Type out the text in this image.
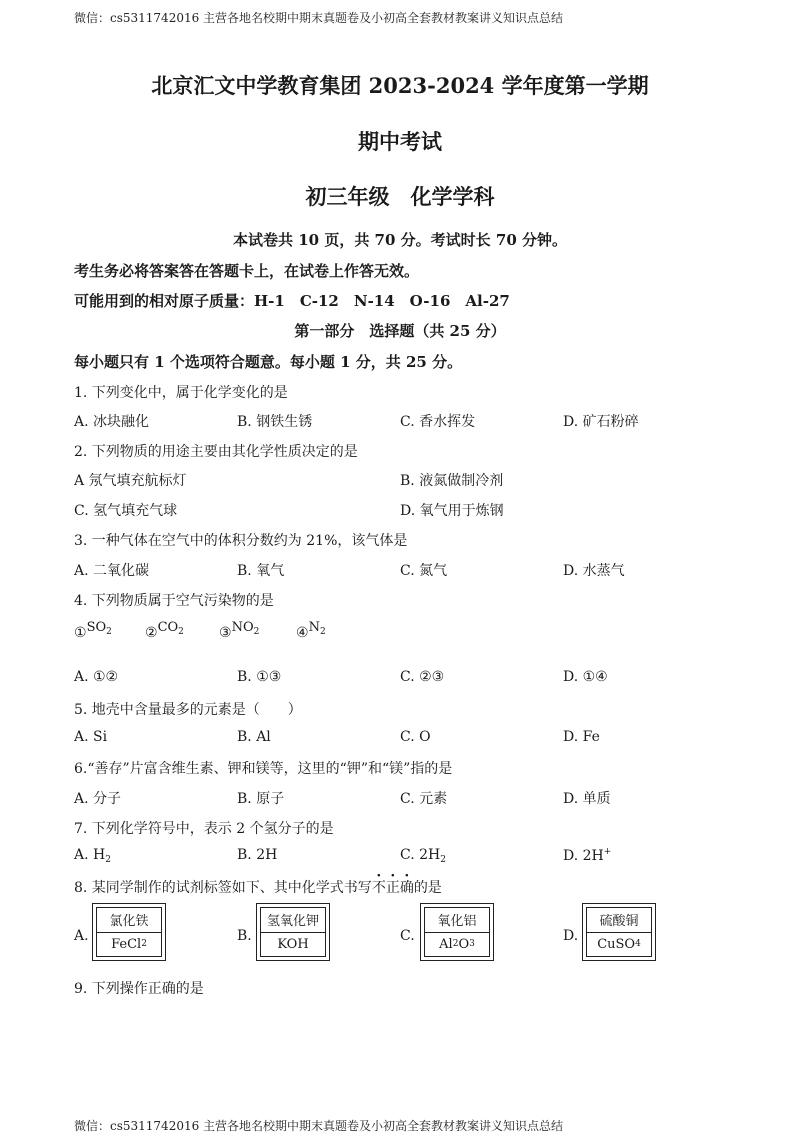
微信：cs5311742016 主营各地名校期中期末真题卷及小初高全套教材教案讲义知识点总结
北京汇文中学教育集团 2023-2024 学年度第一学期
期中考试
初三年级　化学学科
本试卷共 10 页，共 70 分。考试时长 70 分钟。
考生务必将答案答在答题卡上，在试卷上作答无效。
可能用到的相对原子质量：H-1　C-12　N-14　O-16　Al-27
第一部分　选择题（共 25 分）
每小题只有 1 个选项符合题意。每小题 1 分，共 25 分。
1. 下列变化中，属于化学变化的是
A. 冰块融化	B. 钢铁生锈	C. 香水挥发	D. 矿石粉碎
2. 下列物质的用途主要由其化学性质决定的是
A 氖气填充航标灯	B. 液氮做制冷剂
C. 氢气填充气球	D. 氧气用于炼钢
3. 一种气体在空气中的体积分数约为 21%，该气体是
A. 二氧化碳	B. 氧气	C. 氮气	D. 水蒸气
4. 下列物质属于空气污染物的是
$①SO_2$ $②CO_2$	$③NO_2$	$④N_2$
A. ①②	B. ①③	C. ②③	D. ①④
5. 地壳中含量最多的元素是（　　）
A. Si	B. Al	C. O	D. Fe
6.“善存”片富含维生素、钾和镁等，这里的“钾”和“镁”指的是
A. 分子	B. 原子	C. 元素	D. 单质
7. 下列化学符号中，表示 2 个氢分子的是
A. $H_2$	B. 2H	C. $2H_2$	D. 2H+
8. 某同学制作的试剂标签如下、其中化学式书写不正确的是
A.
氯化铁
FeCl 2
B.
氢氧化钾
KOH
C.
氧化铝
Al 2 O 3
D.
硫酸铜
CuSO 4
9. 下列操作正确的是
微信：cs5311742016 主营各地名校期中期末真题卷及小初高全套教材教案讲义知识点总结
